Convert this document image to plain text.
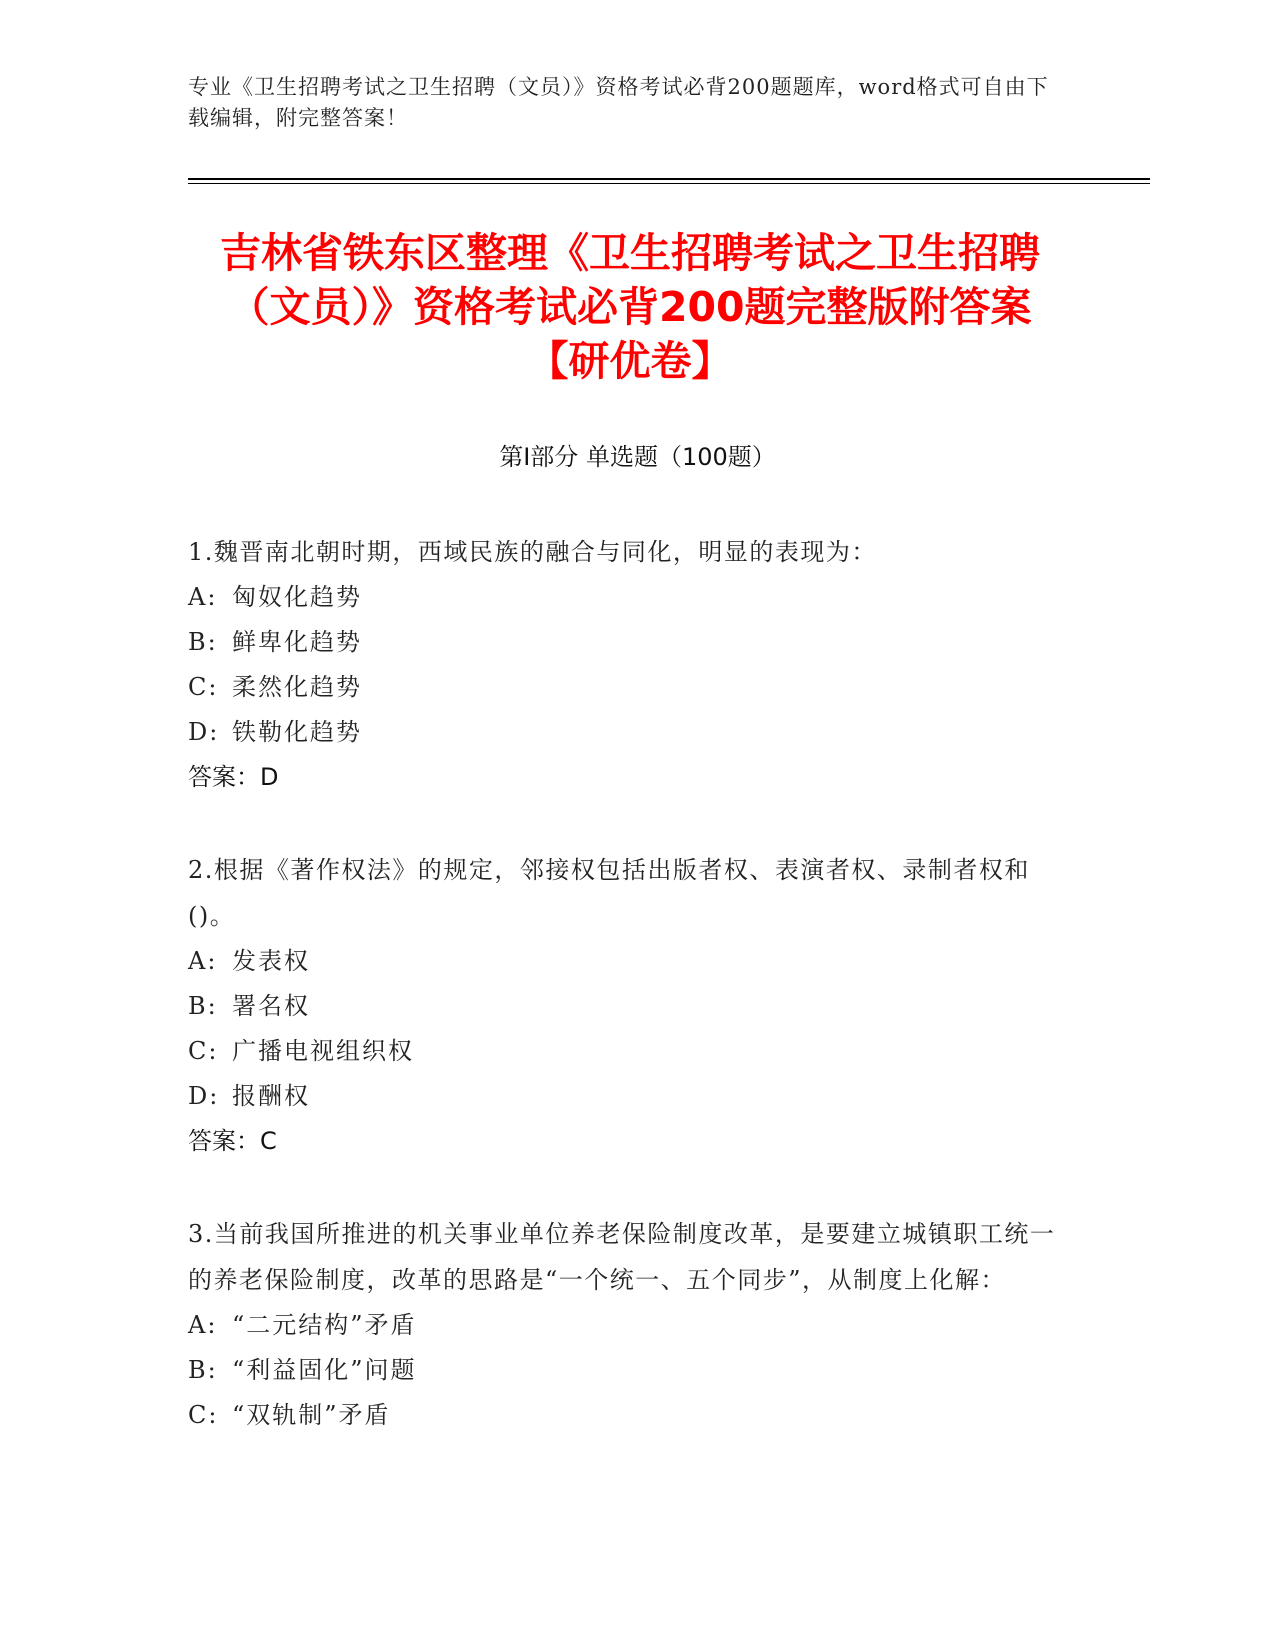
专业《卫生招聘考试之卫生招聘（文员）》资格考试必背200题题库，word格式可自由下载编辑，附完整答案！
吉林省铁东区整理《卫生招聘考试之卫生招聘（文员）》资格考试必背200题完整版附答案【研优卷】
第Ⅰ部分 单选题（100题）
1.魏晋南北朝时期，西域民族的融合与同化，明显的表现为：
A: 匈奴化趋势
B: 鲜卑化趋势
C: 柔然化趋势
D: 铁勒化趋势
答案：D
2.根据《著作权法》的规定，邻接权包括出版者权、表演者权、录制者权和()。
A: 发表权
B: 署名权
C: 广播电视组织权
D: 报酬权
答案：C
3.当前我国所推进的机关事业单位养老保险制度改革，是要建立城镇职工统一的养老保险制度，改革的思路是“一个统一、五个同步”，从制度上化解：
A: “二元结构”矛盾
B: “利益固化”问题
C: “双轨制”矛盾
